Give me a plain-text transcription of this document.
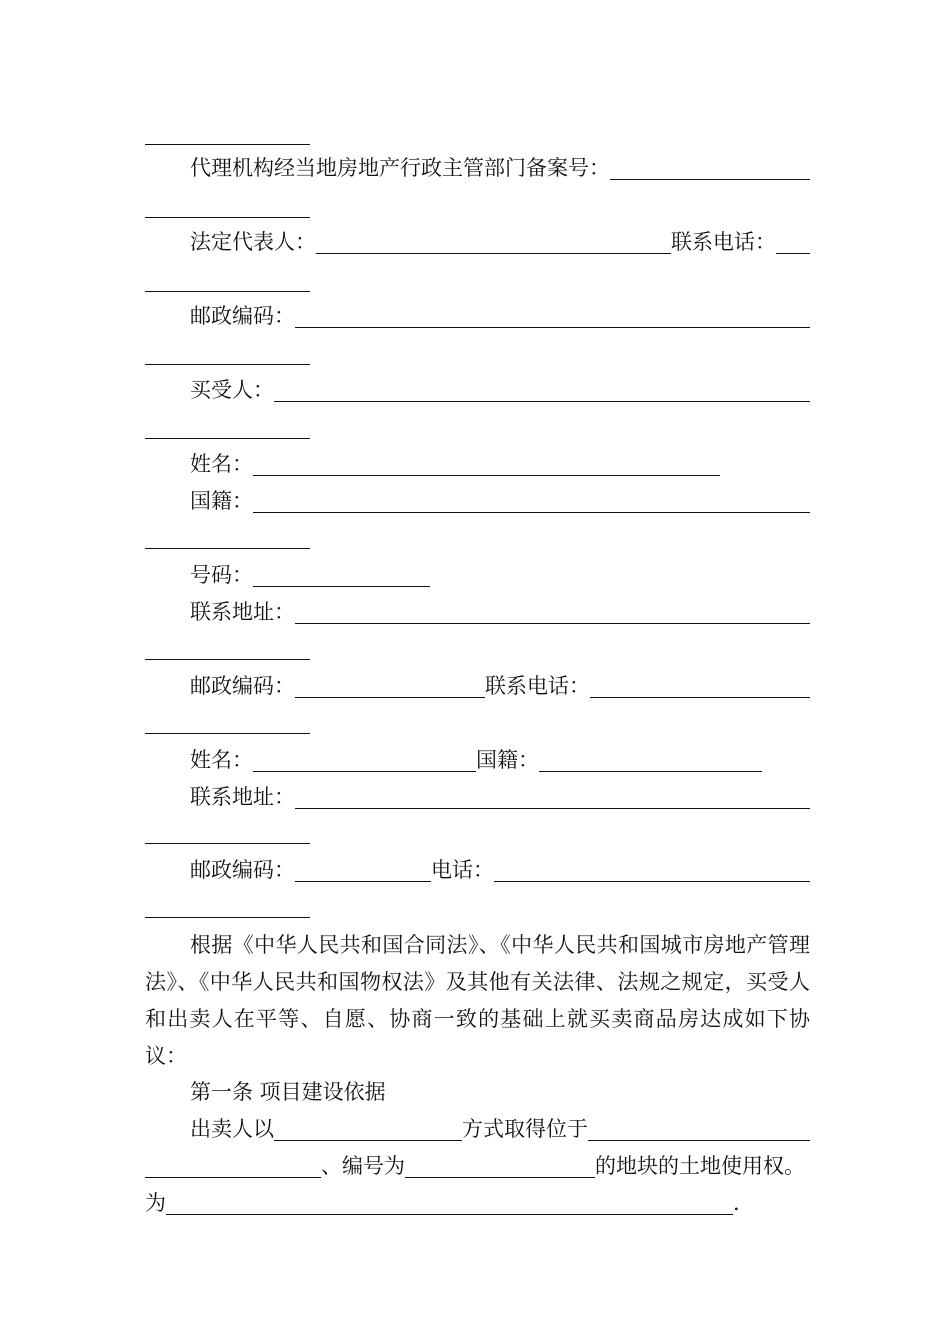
代理机构经当地房地产行政主管部门备案号：
法定代表人：	联系电话：
邮政编码：
买受人：
姓名：
国籍：
号码：
联系地址：
邮政编码：	联系电话：
姓名：	国籍：
联系地址：
邮政编码：	电话：
根据《中华人民共和国合同法》、《中华人民共和国城市房地产管理法》、《中华人民共和国物权法》及其他有关法律、法规之规定，买受人和出卖人在平等、自愿、协商一致的基础上就买卖商品房达成如下协议：
第一条 项目建设依据
出卖人以	方式取得位于
、编号为	的地块的土地使用权。
为	.
